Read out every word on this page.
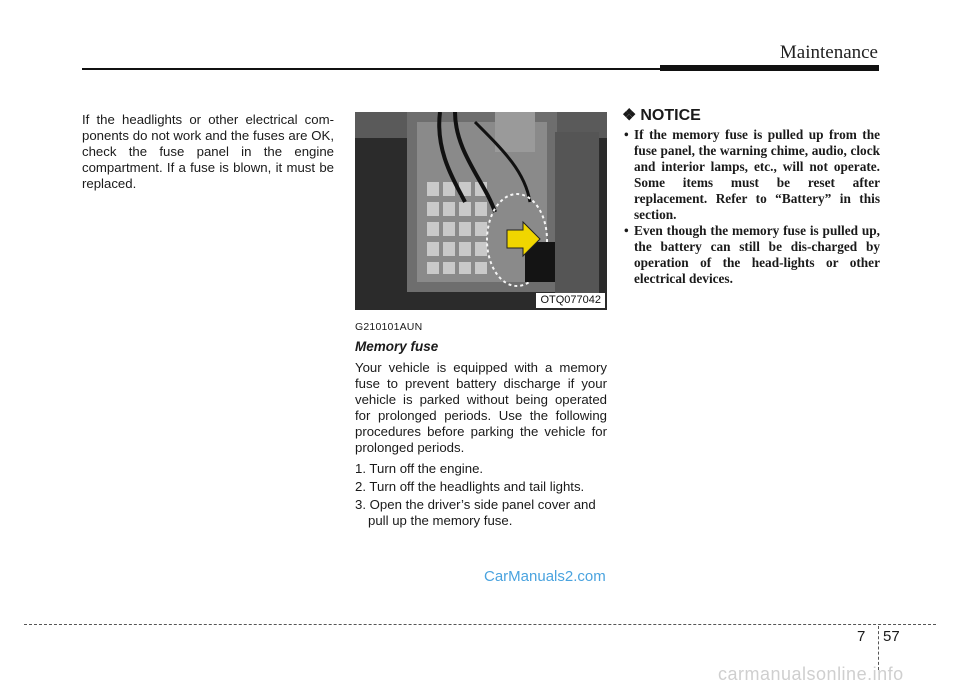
Maintenance

If the headlights or other electrical com-ponents do not work and the fuses are OK, check the fuse panel in the engine compartment. If a fuse is blown, it must be replaced.

OTQ077042
G210101AUN
Memory fuse

Your vehicle is equipped with a memory fuse to prevent battery discharge if your vehicle is parked without being operated for prolonged periods. Use the following procedures before parking the vehicle for prolonged periods.

1. Turn off the engine.
2. Turn off the headlights and tail lights.
3. Open the driver’s side panel cover and pull up the memory fuse.
❖ NOTICE
• If the memory fuse is pulled up from the fuse panel, the warning chime, audio, clock and interior lamps, etc., will not operate. Some items must be reset after replacement. Refer to “Battery” in this section.
• Even though the memory fuse is pulled up, the battery can still be dis-charged by operation of the head-lights or other electrical devices.
CarManuals2.com
7 57
carmanualsonline.info
